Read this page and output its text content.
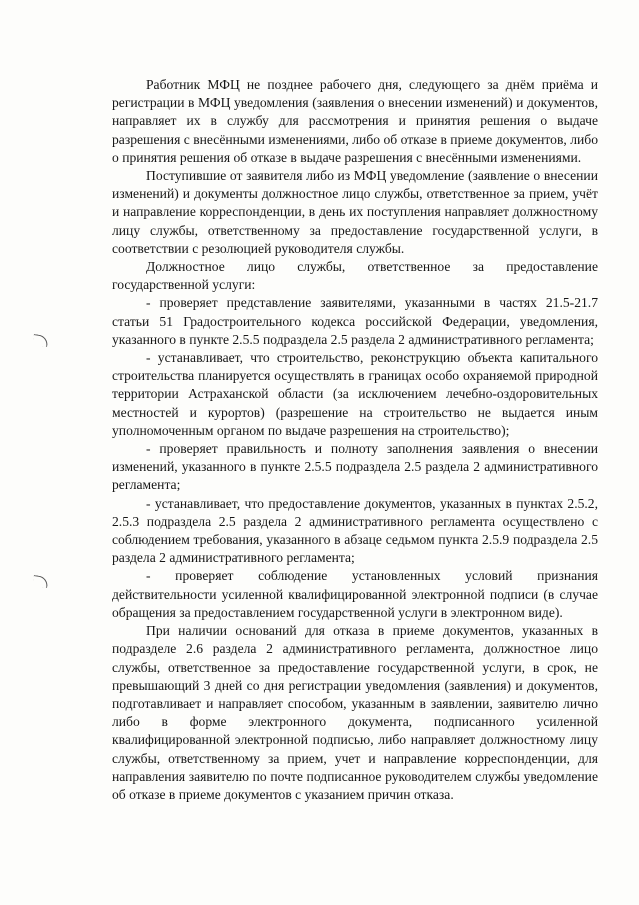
Работник МФЦ не позднее рабочего дня, следующего за днём приёма и регистрации в МФЦ уведомления (заявления о внесении изменений) и документов, направляет их в службу для рассмотрения и принятия решения о выдаче разрешения с внесёнными изменениями, либо об отказе в приеме документов, либо о принятия решения об отказе в выдаче разрешения с внесёнными изменениями.

Поступившие от заявителя либо из МФЦ уведомление (заявление о внесении изменений) и документы должностное лицо службы, ответственное за прием, учёт и направление корреспонденции, в день их поступления направляет должностному лицу службы, ответственному за предоставление государственной услуги, в соответствии с резолюцией руководителя службы.

Должностное лицо службы, ответственное за предоставление государственной услуги:

- проверяет представление заявителями, указанными в частях 21.5-21.7 статьи 51 Градостроительного кодекса российской Федерации, уведомления, указанного в пункте 2.5.5 подраздела 2.5 раздела 2 административного регламента;

- устанавливает, что строительство, реконструкцию объекта капитального строительства планируется осуществлять в границах особо охраняемой природной территории Астраханской области (за исключением лечебно-оздоровительных местностей и курортов) (разрешение на строительство не выдается иным уполномоченным органом по выдаче разрешения на строительство);

- проверяет правильность и полноту заполнения заявления о внесении изменений, указанного в пункте 2.5.5 подраздела 2.5 раздела 2 административного регламента;

- устанавливает, что предоставление документов, указанных в пунктах 2.5.2, 2.5.3 подраздела 2.5 раздела 2 административного регламента осуществлено с соблюдением требования, указанного в абзаце седьмом пункта 2.5.9 подраздела 2.5 раздела 2 административного регламента;

- проверяет соблюдение установленных условий признания действительности усиленной квалифицированной электронной подписи (в случае обращения за предоставлением государственной услуги в электронном виде).

При наличии оснований для отказа в приеме документов, указанных в подразделе 2.6 раздела 2 административного регламента, должностное лицо службы, ответственное за предоставление государственной услуги, в срок, не превышающий 3 дней со дня регистрации уведомления (заявления) и документов, подготавливает и направляет способом, указанным в заявлении, заявителю лично либо в форме электронного документа, подписанного усиленной квалифицированной электронной подписью, либо направляет должностному лицу службы, ответственному за прием, учет и направление корреспонденции, для направления заявителю по почте подписанное руководителем службы уведомление об отказе в приеме документов с указанием причин отказа.
